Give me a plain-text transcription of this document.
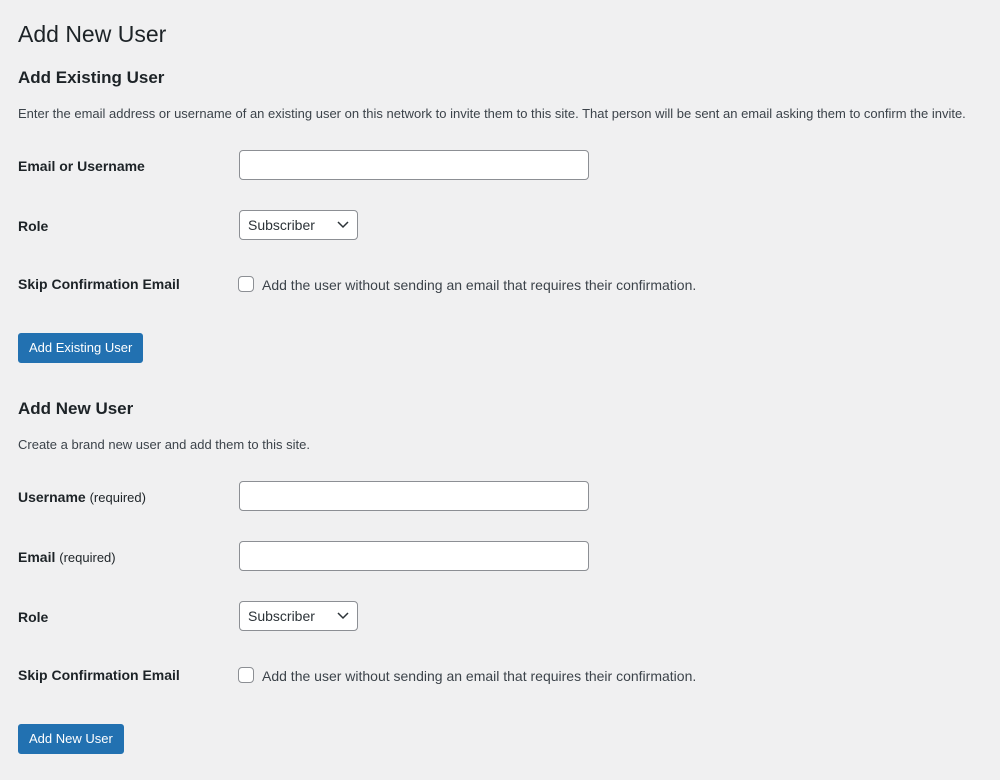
Add New User
Add Existing User

Enter the email address or username of an existing user on this network to invite them to this site. That person will be sent an email asking them to confirm the invite.

Email or Username
Role	Subscriber
Skip Confirmation Email	Add the user without sending an email that requires their confirmation.
Add Existing User
Add New User

Create a brand new user and add them to this site.

Username (required)
Email (required)
Role	Subscriber
Skip Confirmation Email	Add the user without sending an email that requires their confirmation.
Add New User
